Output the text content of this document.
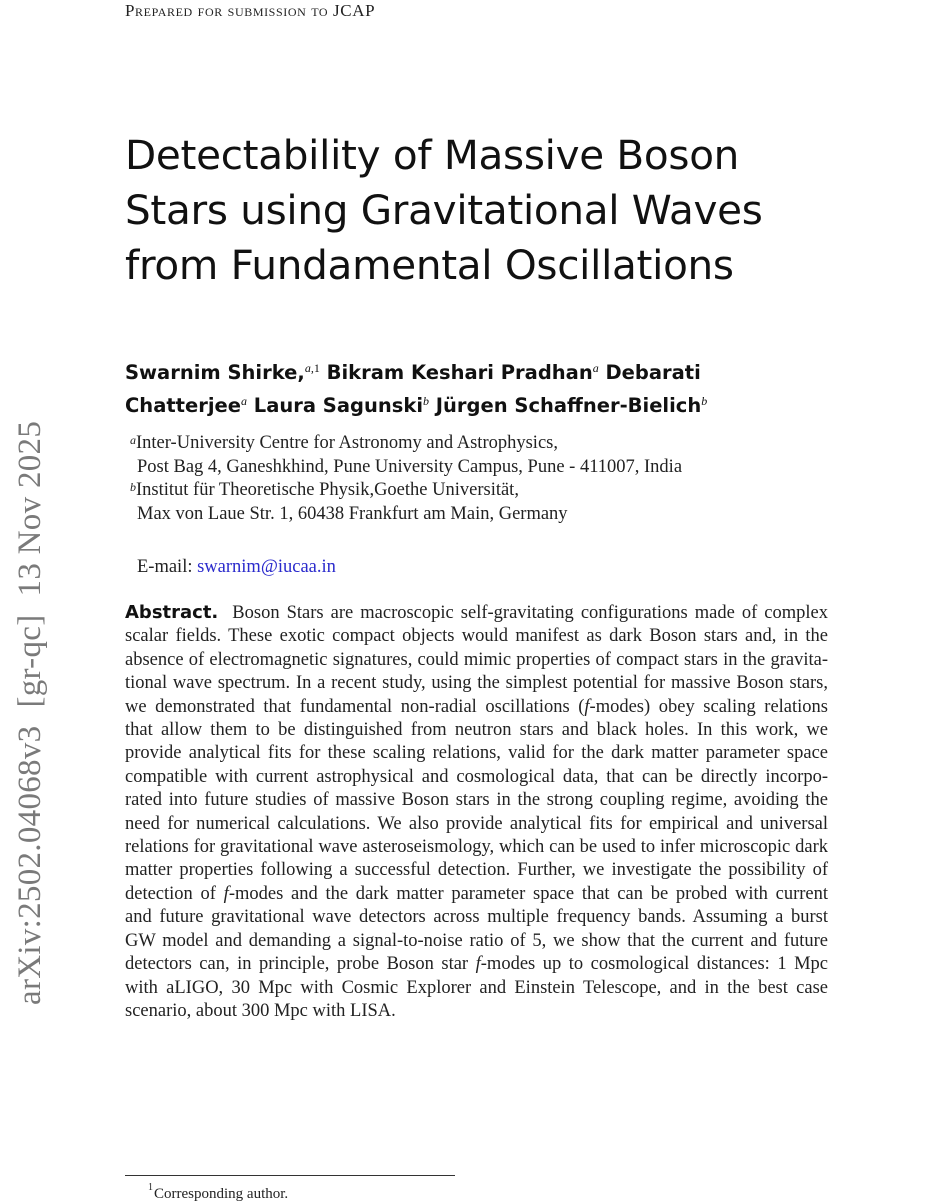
arXiv:2502.04068v3[gr-qc]13 Nov 2025
Prepared for submission to JCAP
Detectability of Massive Boson
Stars using Gravitational Waves
from Fundamental Oscillations
Swarnim Shirke,$^{a,1}$ Bikram Keshari Pradhan$^a$ Debarati
Chatterjee$^a$ Laura Sagunski$^b$ Jürgen Schaffner-Bielich$^b$
$^a$Inter-University Centre for Astronomy and Astrophysics,
Post Bag 4, Ganeshkhind, Pune University Campus, Pune - 411007, India
$^b$Institut für Theoretische Physik,Goethe Universität,
Max von Laue Str. 1, 60438 Frankfurt am Main, Germany
E-mail: swarnim@iucaa.in
Abstract. Boson Stars are macroscopic self-gravitating configurations made of complex
scalar fields. These exotic compact objects would manifest as dark Boson stars and, in the
absence of electromagnetic signatures, could mimic properties of compact stars in the gravita-
tional wave spectrum. In a recent study, using the simplest potential for massive Boson stars,
we demonstrated that fundamental non-radial oscillations (f-modes) obey scaling relations
that allow them to be distinguished from neutron stars and black holes. In this work, we
provide analytical fits for these scaling relations, valid for the dark matter parameter space
compatible with current astrophysical and cosmological data, that can be directly incorpo-
rated into future studies of massive Boson stars in the strong coupling regime, avoiding the
need for numerical calculations. We also provide analytical fits for empirical and universal
relations for gravitational wave asteroseismology, which can be used to infer microscopic dark
matter properties following a successful detection. Further, we investigate the possibility of
detection of f-modes and the dark matter parameter space that can be probed with current
and future gravitational wave detectors across multiple frequency bands. Assuming a burst
GW model and demanding a signal-to-noise ratio of 5, we show that the current and future
detectors can, in principle, probe Boson star f-modes up to cosmological distances: 1 Mpc
with aLIGO, 30 Mpc with Cosmic Explorer and Einstein Telescope, and in the best case
scenario, about 300 Mpc with LISA.
$^1$Corresponding author.
